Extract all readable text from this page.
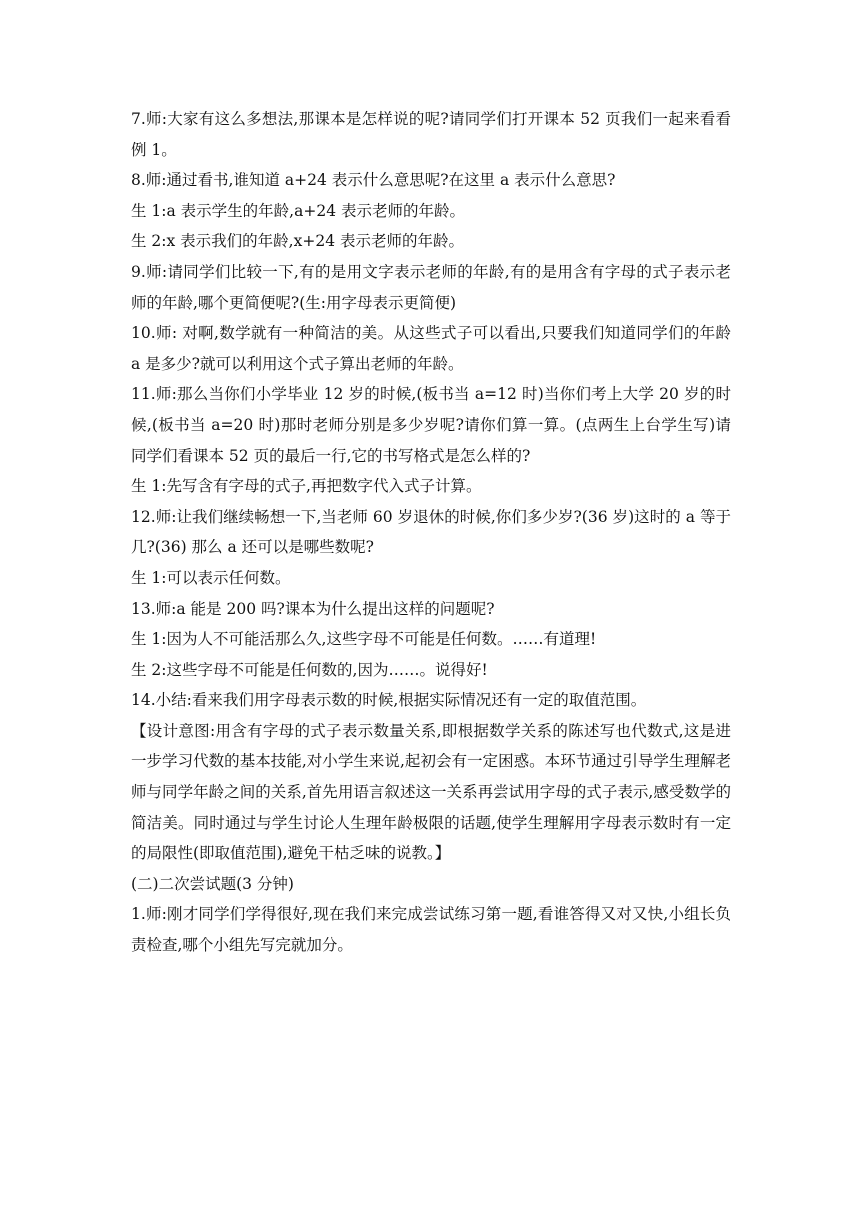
7.师:大家有这么多想法,那课本是怎样说的呢?请同学们打开课本 52 页我们一起来看看例 1。

8.师:通过看书,谁知道 a+24 表示什么意思呢?在这里 a 表示什么意思?

生 1:a 表示学生的年龄,a+24 表示老师的年龄。

生 2:x 表示我们的年龄,x+24 表示老师的年龄。

9.师:请同学们比较一下,有的是用文字表示老师的年龄,有的是用含有字母的式子表示老师的年龄,哪个更简便呢?(生:用字母表示更简便)

10.师: 对啊,数学就有一种简洁的美。从这些式子可以看出,只要我们知道同学们的年龄 a 是多少?就可以利用这个式子算出老师的年龄。

11.师:那么当你们小学毕业 12 岁的时候,(板书当 a=12 时)当你们考上大学 20 岁的时候,(板书当 a=20 时)那时老师分别是多少岁呢?请你们算一算。(点两生上台学生写)请同学们看课本 52 页的最后一行,它的书写格式是怎么样的?

生 1:先写含有字母的式子,再把数字代入式子计算。

12.师:让我们继续畅想一下,当老师 60 岁退休的时候,你们多少岁?(36 岁)这时的 a 等于几?(36) 那么 a 还可以是哪些数呢?

生 1:可以表示任何数。

13.师:a 能是 200 吗?课本为什么提出这样的问题呢?

生 1:因为人不可能活那么久,这些字母不可能是任何数。……有道理!

生 2:这些字母不可能是任何数的,因为……。说得好!

14.小结:看来我们用字母表示数的时候,根据实际情况还有一定的取值范围。

【设计意图:用含有字母的式子表示数量关系,即根据数学关系的陈述写也代数式,这是进一步学习代数的基本技能,对小学生来说,起初会有一定困惑。本环节通过引导学生理解老师与同学年龄之间的关系,首先用语言叙述这一关系再尝试用字母的式子表示,感受数学的简洁美。同时通过与学生讨论人生理年龄极限的话题,使学生理解用字母表示数时有一定的局限性(即取值范围),避免干枯乏味的说教。】

(二)二次尝试题(3 分钟)

1.师:刚才同学们学得很好,现在我们来完成尝试练习第一题,看谁答得又对又快,小组长负责检查,哪个小组先写完就加分。
